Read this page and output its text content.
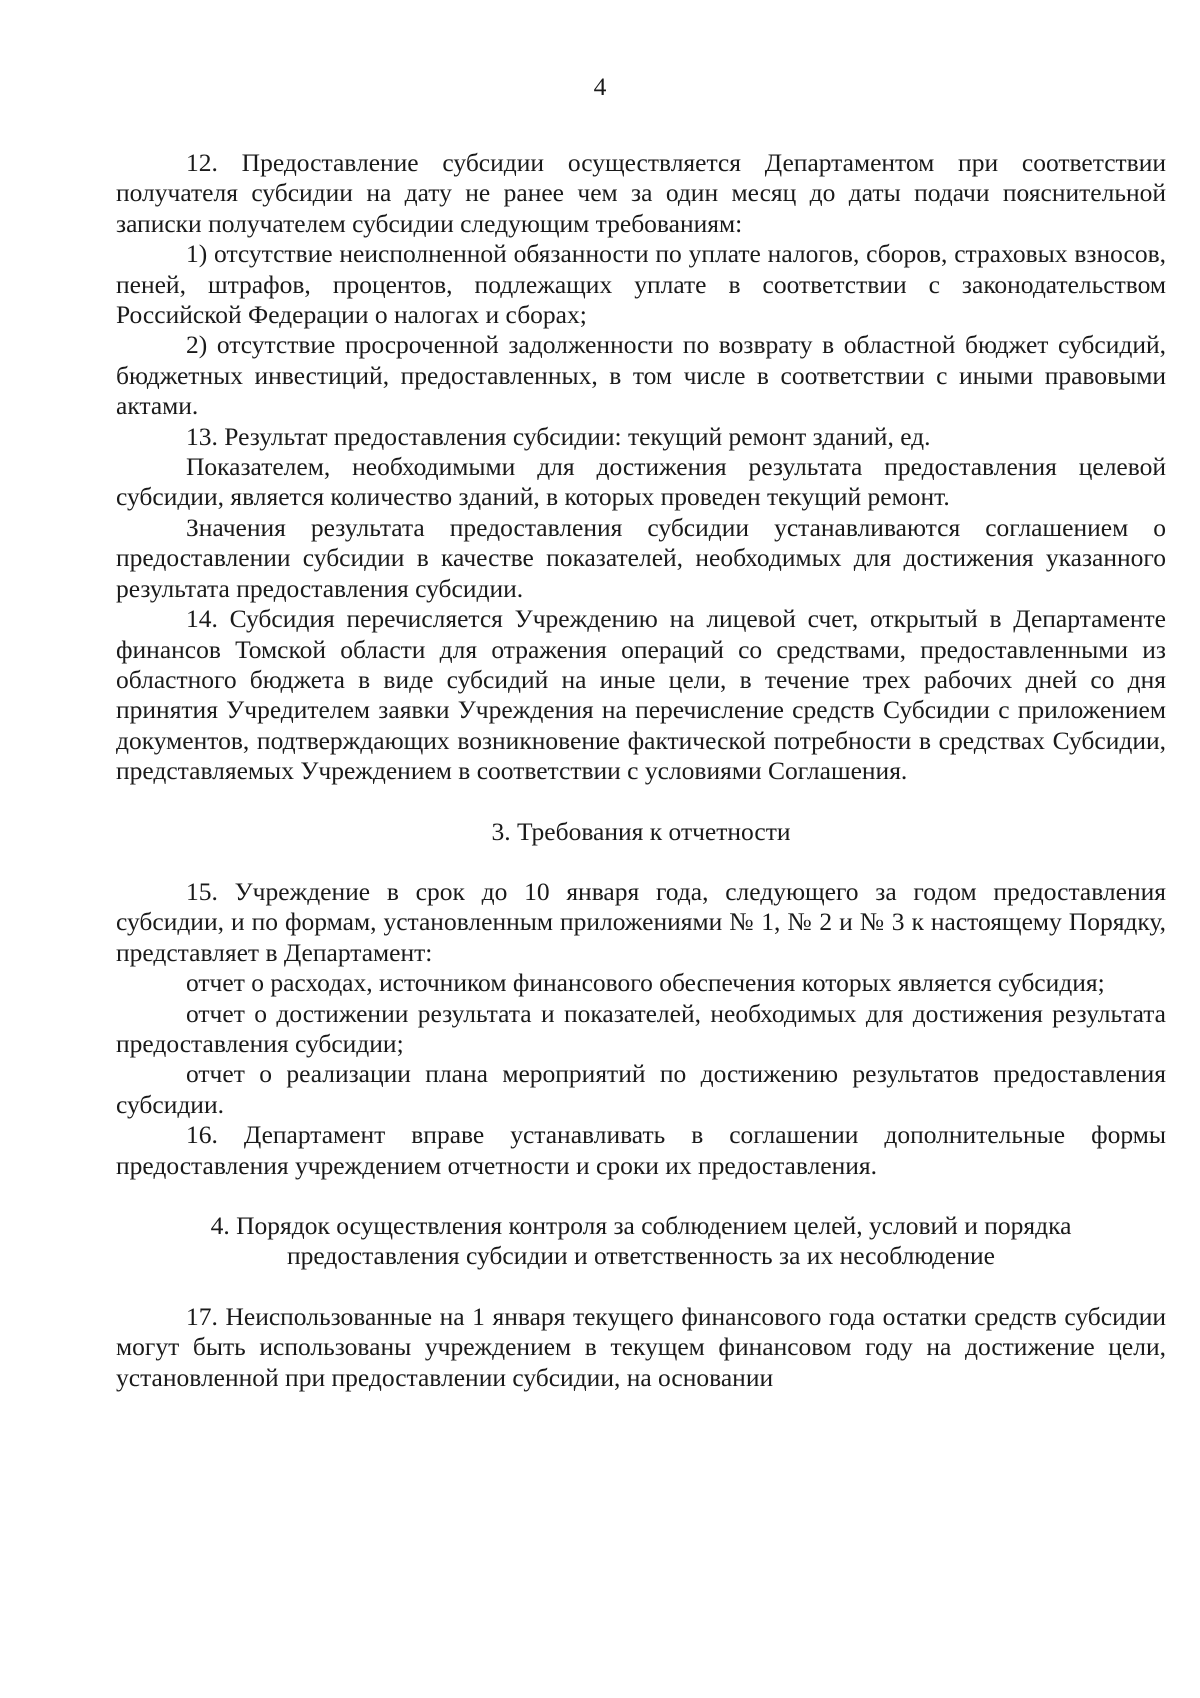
4

12. Предоставление субсидии осуществляется Департаментом при соответствии получателя субсидии на дату не ранее чем за один месяц до даты подачи пояснительной записки получателем субсидии следующим требованиям:

1) отсутствие неисполненной обязанности по уплате налогов, сборов, страховых взносов, пеней, штрафов, процентов, подлежащих уплате в соответствии с законодательством Российской Федерации о налогах и сборах;

2) отсутствие просроченной задолженности по возврату в областной бюджет субсидий, бюджетных инвестиций, предоставленных, в том числе в соответствии с иными правовыми актами.

13. Результат предоставления субсидии: текущий ремонт зданий, ед.

Показателем, необходимыми для достижения результата предоставления целевой субсидии, является количество зданий, в которых проведен текущий ремонт.

Значения результата предоставления субсидии устанавливаются соглашением о предоставлении субсидии в качестве показателей, необходимых для достижения указанного результата предоставления субсидии.

14. Субсидия перечисляется Учреждению на лицевой счет, открытый в Департаменте финансов Томской области для отражения операций со средствами, предоставленными из областного бюджета в виде субсидий на иные цели, в течение трех рабочих дней со дня принятия Учредителем заявки Учреждения на перечисление средств Субсидии с приложением документов, подтверждающих возникновение фактической потребности в средствах Субсидии, представляемых Учреждением в соответствии с условиями Соглашения.

3. Требования к отчетности

15. Учреждение в срок до 10 января года, следующего за годом предоставления субсидии, и по формам, установленным приложениями № 1, № 2 и № 3 к настоящему Порядку, представляет в Департамент:

отчет о расходах, источником финансового обеспечения которых является субсидия;

отчет о достижении результата и показателей, необходимых для достижения результата предоставления субсидии;

отчет о реализации плана мероприятий по достижению результатов предоставления субсидии.

16. Департамент вправе устанавливать в соглашении дополнительные формы предоставления учреждением отчетности и сроки их предоставления.

4. Порядок осуществления контроля за соблюдением целей, условий и порядка

предоставления субсидии и ответственность за их несоблюдение

17. Неиспользованные на 1 января текущего финансового года остатки средств субсидии могут быть использованы учреждением в текущем финансовом году на достижение цели, установленной при предоставлении субсидии, на основании
